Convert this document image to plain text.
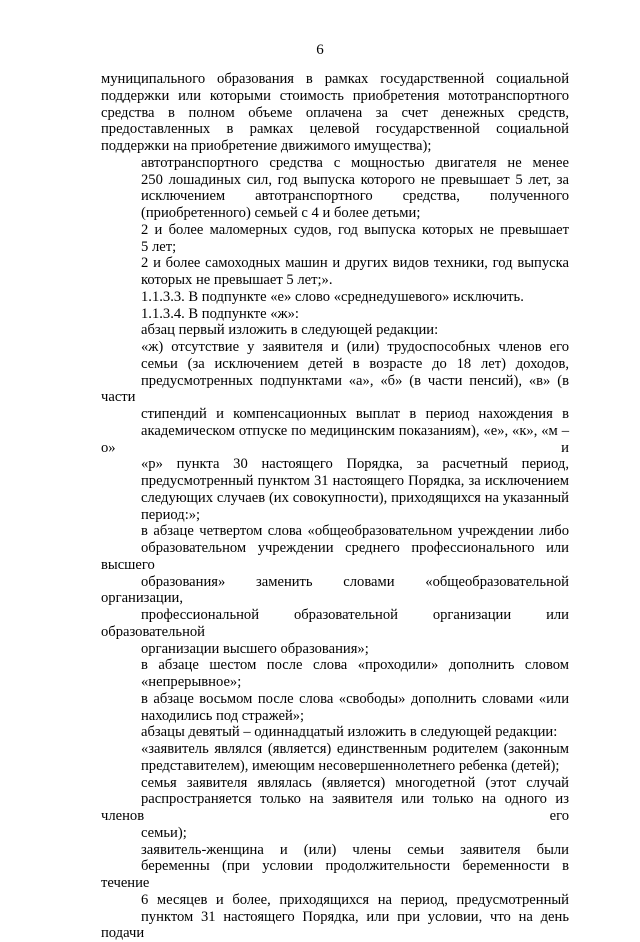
6
муниципального образования в рамках государственной социальной
поддержки или которыми стоимость приобретения мототранспортного
средства в полном объеме оплачена за счет денежных средств,
предоставленных в рамках целевой государственной социальной
поддержки на приобретение движимого имущества);
автотранспортного средства с мощностью двигателя не менее
250 лошадиных сил, год выпуска которого не превышает 5 лет, за
исключением автотранспортного средства, полученного
(приобретенного) семьей с 4 и более детьми;
2 и более маломерных судов, год выпуска которых не превышает
5 лет;
2 и более самоходных машин и других видов техники, год выпуска
которых не превышает 5 лет;».
1.1.3.3. В подпункте «е» слово «среднедушевого» исключить.
1.1.3.4. В подпункте «ж»:
абзац первый изложить в следующей редакции:
«ж) отсутствие у заявителя и (или) трудоспособных членов его
семьи (за исключением детей в возрасте до 18 лет) доходов,
предусмотренных подпунктами «а», «б» (в части пенсий), «в» (в части
стипендий и компенсационных выплат в период нахождения в
академическом отпуске по медицинским показаниям), «е», «к», «м – о» и
«р» пункта 30 настоящего Порядка, за расчетный период,
предусмотренный пунктом 31 настоящего Порядка, за исключением
следующих случаев (их совокупности), приходящихся на указанный
период:»;
в абзаце четвертом слова «общеобразовательном учреждении либо
образовательном учреждении среднего профессионального или высшего
образования» заменить словами «общеобразовательной организации,
профессиональной образовательной организации или образовательной
организации высшего образования»;
в абзаце шестом после слова «проходили» дополнить словом
«непрерывное»;
в абзаце восьмом после слова «свободы» дополнить словами «или
находились под стражей»;
абзацы девятый – одиннадцатый изложить в следующей редакции:
«заявитель являлся (является) единственным родителем (законным
представителем), имеющим несовершеннолетнего ребенка (детей);
семья заявителя являлась (является) многодетной (этот случай
распространяется только на заявителя или только на одного из членов его
семьи);
заявитель-женщина и (или) члены семьи заявителя были
беременны (при условии продолжительности беременности в течение
6 месяцев и более, приходящихся на период, предусмотренный
пунктом 31 настоящего Порядка, или при условии, что на день подачи
